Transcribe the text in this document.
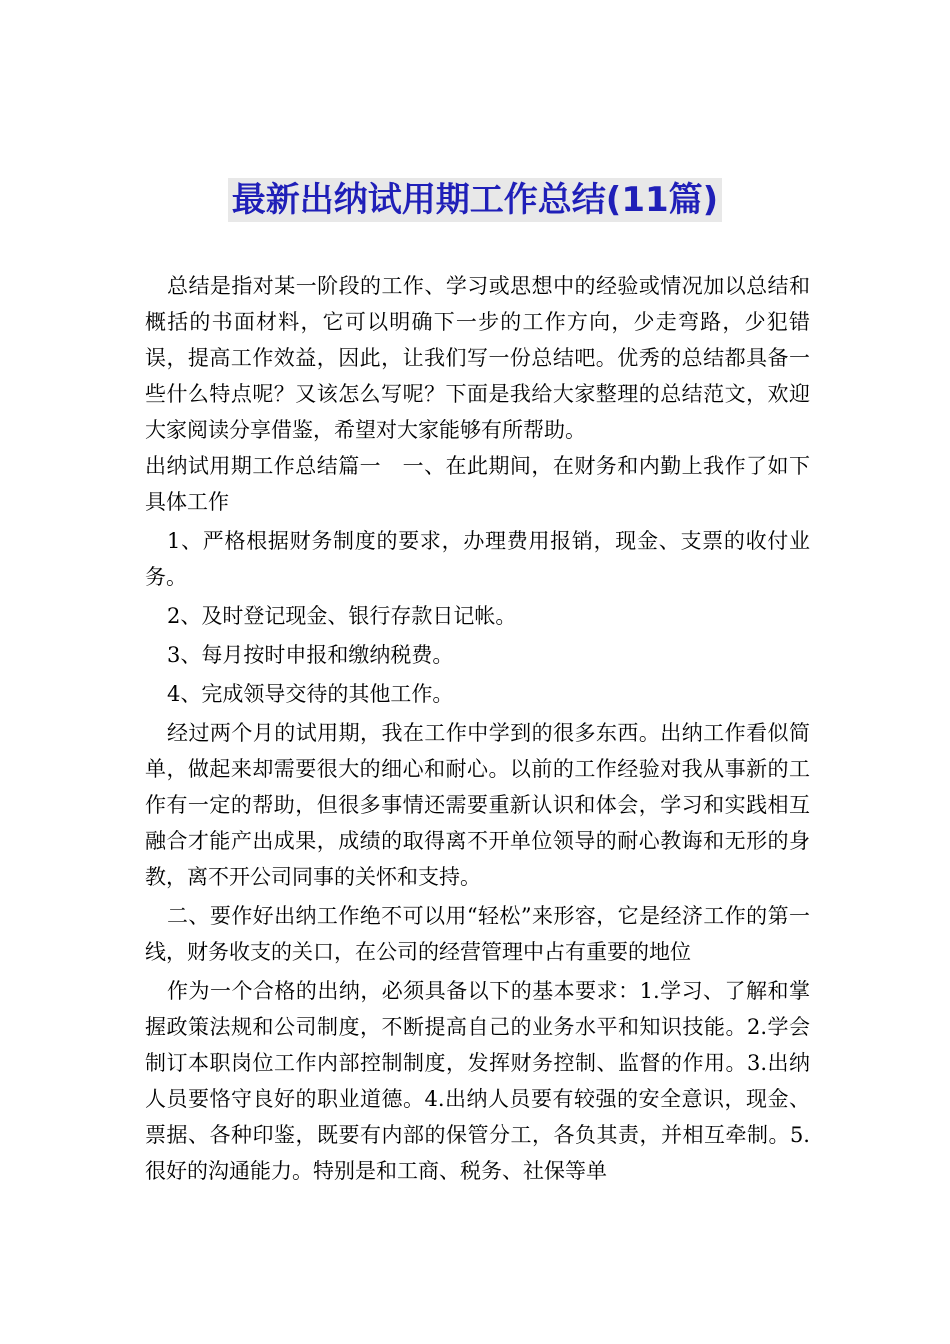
最新出纳试用期工作总结(11篇)

总结是指对某一阶段的工作、学习或思想中的经验或情况加以总结和概括的书面材料，它可以明确下一步的工作方向，少走弯路，少犯错误，提高工作效益，因此，让我们写一份总结吧。优秀的总结都具备一些什么特点呢？又该怎么写呢？下面是我给大家整理的总结范文，欢迎大家阅读分享借鉴，希望对大家能够有所帮助。

出纳试用期工作总结篇一　一、在此期间，在财务和内勤上我作了如下具体工作

1、严格根据财务制度的要求，办理费用报销，现金、支票的收付业务。

2、及时登记现金、银行存款日记帐。

3、每月按时申报和缴纳税费。

4、完成领导交待的其他工作。

经过两个月的试用期，我在工作中学到的很多东西。出纳工作看似简单，做起来却需要很大的细心和耐心。以前的工作经验对我从事新的工作有一定的帮助，但很多事情还需要重新认识和体会，学习和实践相互融合才能产出成果，成绩的取得离不开单位领导的耐心教诲和无形的身教，离不开公司同事的关怀和支持。

二、要作好出纳工作绝不可以用“轻松”来形容，它是经济工作的第一线，财务收支的关口，在公司的经营管理中占有重要的地位

作为一个合格的出纳，必须具备以下的基本要求：1.学习、了解和掌握政策法规和公司制度，不断提高自己的业务水平和知识技能。2.学会制订本职岗位工作内部控制制度，发挥财务控制、监督的作用。3.出纳人员要恪守良好的职业道德。4.出纳人员要有较强的安全意识，现金、票据、各种印鉴，既要有内部的保管分工，各负其责，并相互牵制。5.很好的沟通能力。特别是和工商、税务、社保等单
